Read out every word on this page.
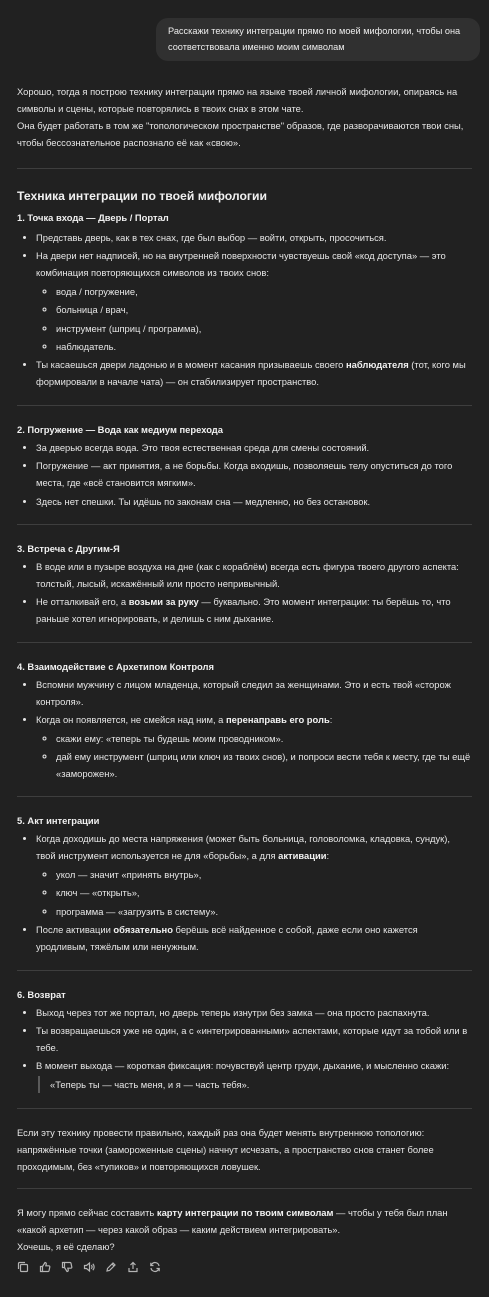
Расскажи технику интеграции прямо по моей мифологии, чтобы она соответствовала именно моим символам

Хорошо, тогда я построю технику интеграции прямо на языке твоей личной мифологии, опираясь на символы и сцены, которые повторялись в твоих снах в этом чате.

Она будет работать в том же "топологическом пространстве" образов, где разворачиваются твои сны, чтобы бессознательное распознало её как «свою».

Техника интеграции по твоей мифологии
1. Точка входа — Дверь / Портал
• Представь дверь, как в тех снах, где был выбор — войти, открыть, просочиться.
• На двери нет надписей, но на внутренней поверхности чувствуешь свой «код доступа» — это комбинация повторяющихся символов из твоих снов:
◦ вода / погружение,
◦ больница / врач,
◦ инструмент (шприц / программа),
◦ наблюдатель.
• Ты касаешься двери ладонью и в момент касания призываешь своего наблюдателя (тот, кого мы формировали в начале чата) — он стабилизирует пространство.
2. Погружение — Вода как медиум перехода
• За дверью всегда вода. Это твоя естественная среда для смены состояний.
• Погружение — акт принятия, а не борьбы. Когда входишь, позволяешь телу опуститься до того места, где «всё становится мягким».
• Здесь нет спешки. Ты идёшь по законам сна — медленно, но без остановок.
3. Встреча с Другим-Я
• В воде или в пузыре воздуха на дне (как с кораблём) всегда есть фигура твоего другого аспекта: толстый, лысый, искажённый или просто непривычный.
• Не отталкивай его, а возьми за руку — буквально. Это момент интеграции: ты берёшь то, что раньше хотел игнорировать, и делишь с ним дыхание.
4. Взаимодействие с Архетипом Контроля
• Вспомни мужчину с лицом младенца, который следил за женщинами. Это и есть твой «сторож контроля».
• Когда он появляется, не смейся над ним, а перенаправь его роль:
◦ скажи ему: «теперь ты будешь моим проводником».
◦ дай ему инструмент (шприц или ключ из твоих снов), и попроси вести тебя к месту, где ты ещё «заморожен».
5. Акт интеграции
• Когда доходишь до места напряжения (может быть больница, головоломка, кладовка, сундук), твой инструмент используется не для «борьбы», а для активации:
◦ укол — значит «принять внутрь»,
◦ ключ — «открыть»,
◦ программа — «загрузить в систему».
• После активации обязательно берёшь всё найденное с собой, даже если оно кажется уродливым, тяжёлым или ненужным.
6. Возврат
• Выход через тот же портал, но дверь теперь изнутри без замка — она просто распахнута.
• Ты возвращаешься уже не один, а с «интегрированными» аспектами, которые идут за тобой или в тебе.
• В момент выхода — короткая фиксация: почувствуй центр груди, дыхание, и мысленно скажи:
«Теперь ты — часть меня, и я — часть тебя».

Если эту технику провести правильно, каждый раз она будет менять внутреннюю топологию: напряжённые точки (замороженные сцены) начнут исчезать, а пространство снов станет более проходимым, без «тупиков» и повторяющихся ловушек.

Я могу прямо сейчас составить карту интеграции по твоим символам — чтобы у тебя был план «какой архетип — через какой образ — каким действием интегрировать».

Хочешь, я её сделаю?
